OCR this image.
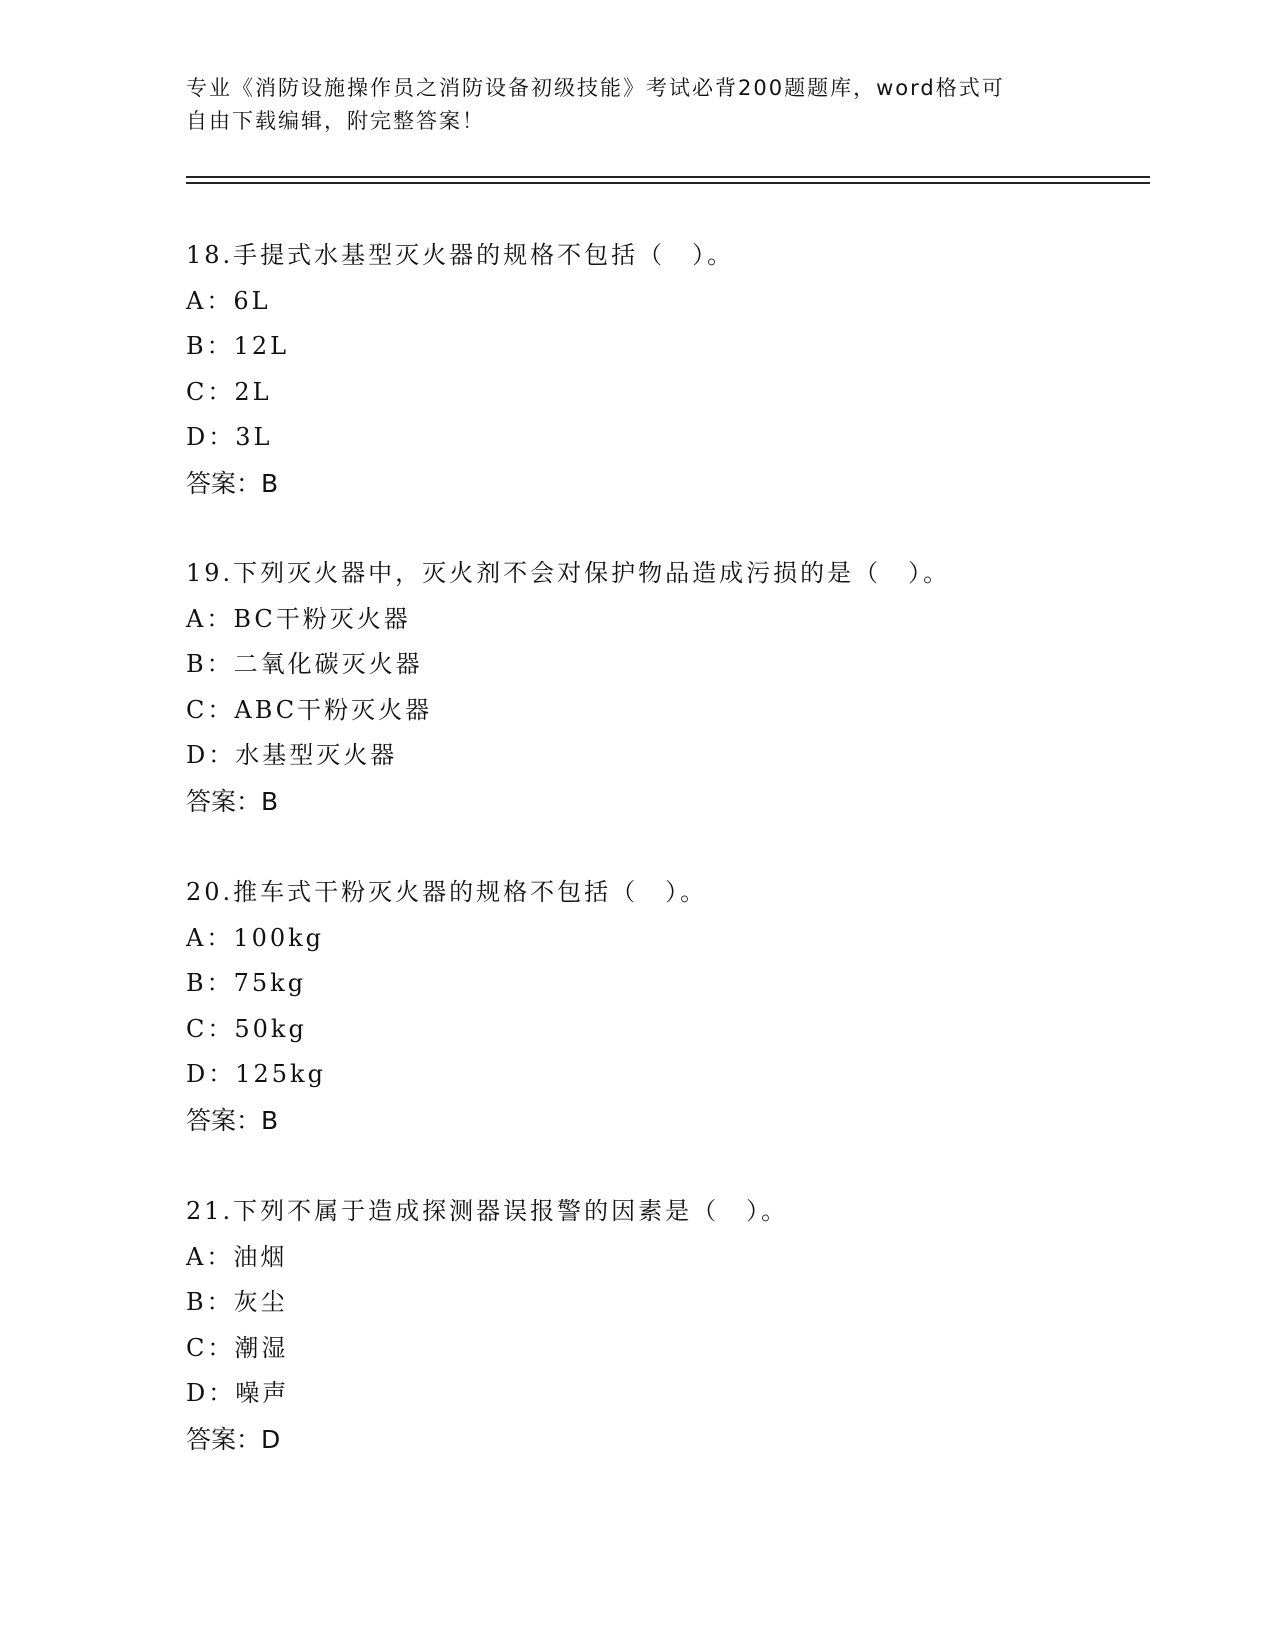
专业《消防设施操作员之消防设备初级技能》考试必背200题题库，word格式可
自由下载编辑，附完整答案！
18.手提式水基型灭火器的规格不包括（　）。
A：6L
B：12L
C：2L
D：3L
答案：B
19.下列灭火器中，灭火剂不会对保护物品造成污损的是（　）。
A：BC干粉灭火器
B：二氧化碳灭火器
C：ABC干粉灭火器
D：水基型灭火器
答案：B
20.推车式干粉灭火器的规格不包括（　）。
A：100kg
B：75kg
C：50kg
D：125kg
答案：B
21.下列不属于造成探测器误报警的因素是（　）。
A：油烟
B：灰尘
C：潮湿
D：噪声
答案：D
